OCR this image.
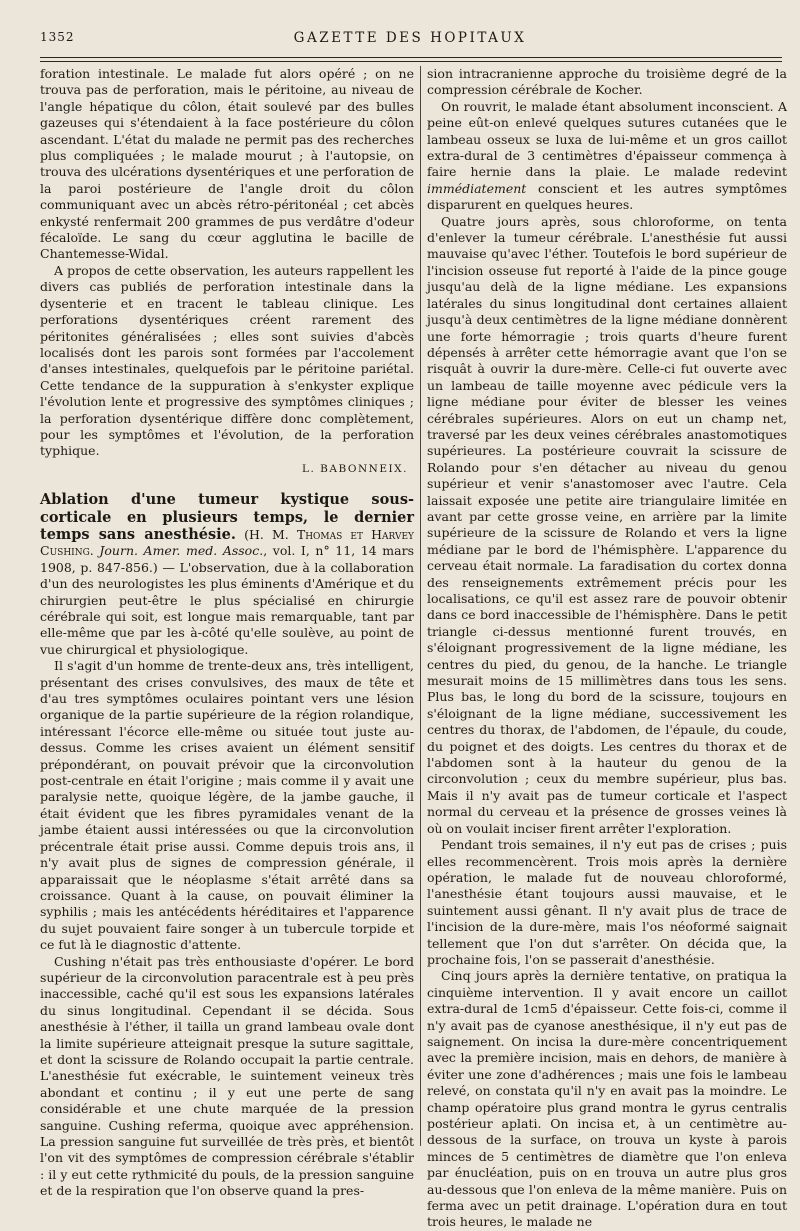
1352	GAZETTE DES HOPITAUX

foration intestinale. Le malade fut alors opéré ; on ne trouva pas de perforation, mais le péritoine, au niveau de l'angle hépatique du côlon, était soulevé par des bulles gazeuses qui s'étendaient à la face postérieure du côlon ascendant. L'état du malade ne permit pas des recherches plus compliquées ; le malade mourut ; à l'autopsie, on trouva des ulcérations dysentériques et une perforation de la paroi postérieure de l'angle droit du côlon communiquant avec un abcès rétro-péritonéal ; cet abcès enkysté renfermait 200 grammes de pus verdâtre d'odeur fécaloïde. Le sang du cœur agglutina le bacille de Chantemesse-Widal.

A propos de cette observation, les auteurs rappellent les divers cas publiés de perforation intestinale dans la dysenterie et en tracent le tableau clinique. Les perforations dysentériques créent rarement des péritonites généralisées ; elles sont suivies d'abcès localisés dont les parois sont formées par l'accolement d'anses intestinales, quelquefois par le péritoine pariétal. Cette tendance de la suppuration à s'enkyster explique l'évolution lente et progressive des symptômes cliniques ; la perforation dysentérique diffère donc complètement, pour les symptômes et l'évolution, de la perforation typhique.

L. BABONNEIX.

Ablation d'une tumeur kystique sous-corticale en plusieurs temps, le dernier temps sans anesthésie. (H. M. Thomas et Harvey Cushing. Journ. Amer. med. Assoc., vol. I, n° 11, 14 mars 1908, p. 847-856.) — L'observation, due à la collaboration d'un des neurologistes les plus éminents d'Amérique et du chirurgien peut-être le plus spécialisé en chirurgie cérébrale qui soit, est longue mais remarquable, tant par elle-même que par les à-côté qu'elle soulève, au point de vue chirurgical et physiologique.

Il s'agit d'un homme de trente-deux ans, très intelligent, présentant des crises convulsives, des maux de tête et d'au tres symptômes oculaires pointant vers une lésion organique de la partie supérieure de la région rolandique, intéressant l'écorce elle-même ou située tout juste au-dessus. Comme les crises avaient un élément sensitif prépondérant, on pouvait prévoir que la circonvolution post-centrale en était l'origine ; mais comme il y avait une paralysie nette, quoique légère, de la jambe gauche, il était évident que les fibres pyramidales venant de la jambe étaient aussi intéressées ou que la circonvolution précentrale était prise aussi. Comme depuis trois ans, il n'y avait plus de signes de compression générale, il apparaissait que le néoplasme s'était arrêté dans sa croissance. Quant à la cause, on pouvait éliminer la syphilis ; mais les antécédents héréditaires et l'apparence du sujet pouvaient faire songer à un tubercule torpide et ce fut là le diagnostic d'attente.

Cushing n'était pas très enthousiaste d'opérer. Le bord supérieur de la circonvolution paracentrale est à peu près inaccessible, caché qu'il est sous les expansions latérales du sinus longitudinal. Cependant il se décida. Sous anesthésie à l'éther, il tailla un grand lambeau ovale dont la limite supérieure atteignait presque la suture sagittale, et dont la scissure de Rolando occupait la partie centrale. L'anesthésie fut exécrable, le suintement veineux très abondant et continu ; il y eut une perte de sang considérable et une chute marquée de la pression sanguine. Cushing referma, quoique avec appréhension. La pression sanguine fut surveillée de très près, et bientôt l'on vit des symptômes de compression cérébrale s'établir : il y eut cette rythmicité du pouls, de la pression sanguine et de la respiration que l'on observe quand la pres-

sion intracranienne approche du troisième degré de la compression cérébrale de Kocher.

On rouvrit, le malade étant absolument inconscient. A peine eût-on enlevé quelques sutures cutanées que le lambeau osseux se luxa de lui-même et un gros caillot extra-dural de 3 centimètres d'épaisseur commença à faire hernie dans la plaie. Le malade redevint immédiatement conscient et les autres symptômes disparurent en quelques heures.

Quatre jours après, sous chloroforme, on tenta d'enlever la tumeur cérébrale. L'anesthésie fut aussi mauvaise qu'avec l'éther. Toutefois le bord supérieur de l'incision osseuse fut reporté à l'aide de la pince gouge jusqu'au delà de la ligne médiane. Les expansions latérales du sinus longitudinal dont certaines allaient jusqu'à deux centimètres de la ligne médiane donnèrent une forte hémorragie ; trois quarts d'heure furent dépensés à arrêter cette hémorragie avant que l'on se risquât à ouvrir la dure-mère. Celle-ci fut ouverte avec un lambeau de taille moyenne avec pédicule vers la ligne médiane pour éviter de blesser les veines cérébrales supérieures. Alors on eut un champ net, traversé par les deux veines cérébrales anastomotiques supérieures. La postérieure couvrait la scissure de Rolando pour s'en détacher au niveau du genou supérieur et venir s'anastomoser avec l'autre. Cela laissait exposée une petite aire triangulaire limitée en avant par cette grosse veine, en arrière par la limite supérieure de la scissure de Rolando et vers la ligne médiane par le bord de l'hémisphère. L'apparence du cerveau était normale. La faradisation du cortex donna des renseignements extrêmement précis pour les localisations, ce qu'il est assez rare de pouvoir obtenir dans ce bord inaccessible de l'hémisphère. Dans le petit triangle ci-dessus mentionné furent trouvés, en s'éloignant progressivement de la ligne médiane, les centres du pied, du genou, de la hanche. Le triangle mesurait moins de 15 millimètres dans tous les sens. Plus bas, le long du bord de la scissure, toujours en s'éloignant de la ligne médiane, successivement les centres du thorax, de l'abdomen, de l'épaule, du coude, du poignet et des doigts. Les centres du thorax et de l'abdomen sont à la hauteur du genou de la circonvolution ; ceux du membre supérieur, plus bas. Mais il n'y avait pas de tumeur corticale et l'aspect normal du cerveau et la présence de grosses veines là où on voulait inciser firent arrêter l'exploration.

Pendant trois semaines, il n'y eut pas de crises ; puis elles recommencèrent. Trois mois après la dernière opération, le malade fut de nouveau chloroformé, l'anesthésie étant toujours aussi mauvaise, et le suintement aussi gênant. Il n'y avait plus de trace de l'incision de la dure-mère, mais l'os néoformé saignait tellement que l'on dut s'arrêter. On décida que, la prochaine fois, l'on se passerait d'anesthésie.

Cinq jours après la dernière tentative, on pratiqua la cinquième intervention. Il y avait encore un caillot extra-dural de 1cm5 d'épaisseur. Cette fois-ci, comme il n'y avait pas de cyanose anesthésique, il n'y eut pas de saignement. On incisa la dure-mère concentriquement avec la première incision, mais en dehors, de manière à éviter une zone d'adhérences ; mais une fois le lambeau relevé, on constata qu'il n'y en avait pas la moindre. Le champ opératoire plus grand montra le gyrus centralis postérieur aplati. On incisa et, à un centimètre au-dessous de la surface, on trouva un kyste à parois minces de 5 centimètres de diamètre que l'on enleva par énucléation, puis on en trouva un autre plus gros au-dessous que l'on enleva de la même manière. Puis on ferma avec un petit drainage. L'opération dura en tout trois heures, le malade ne
